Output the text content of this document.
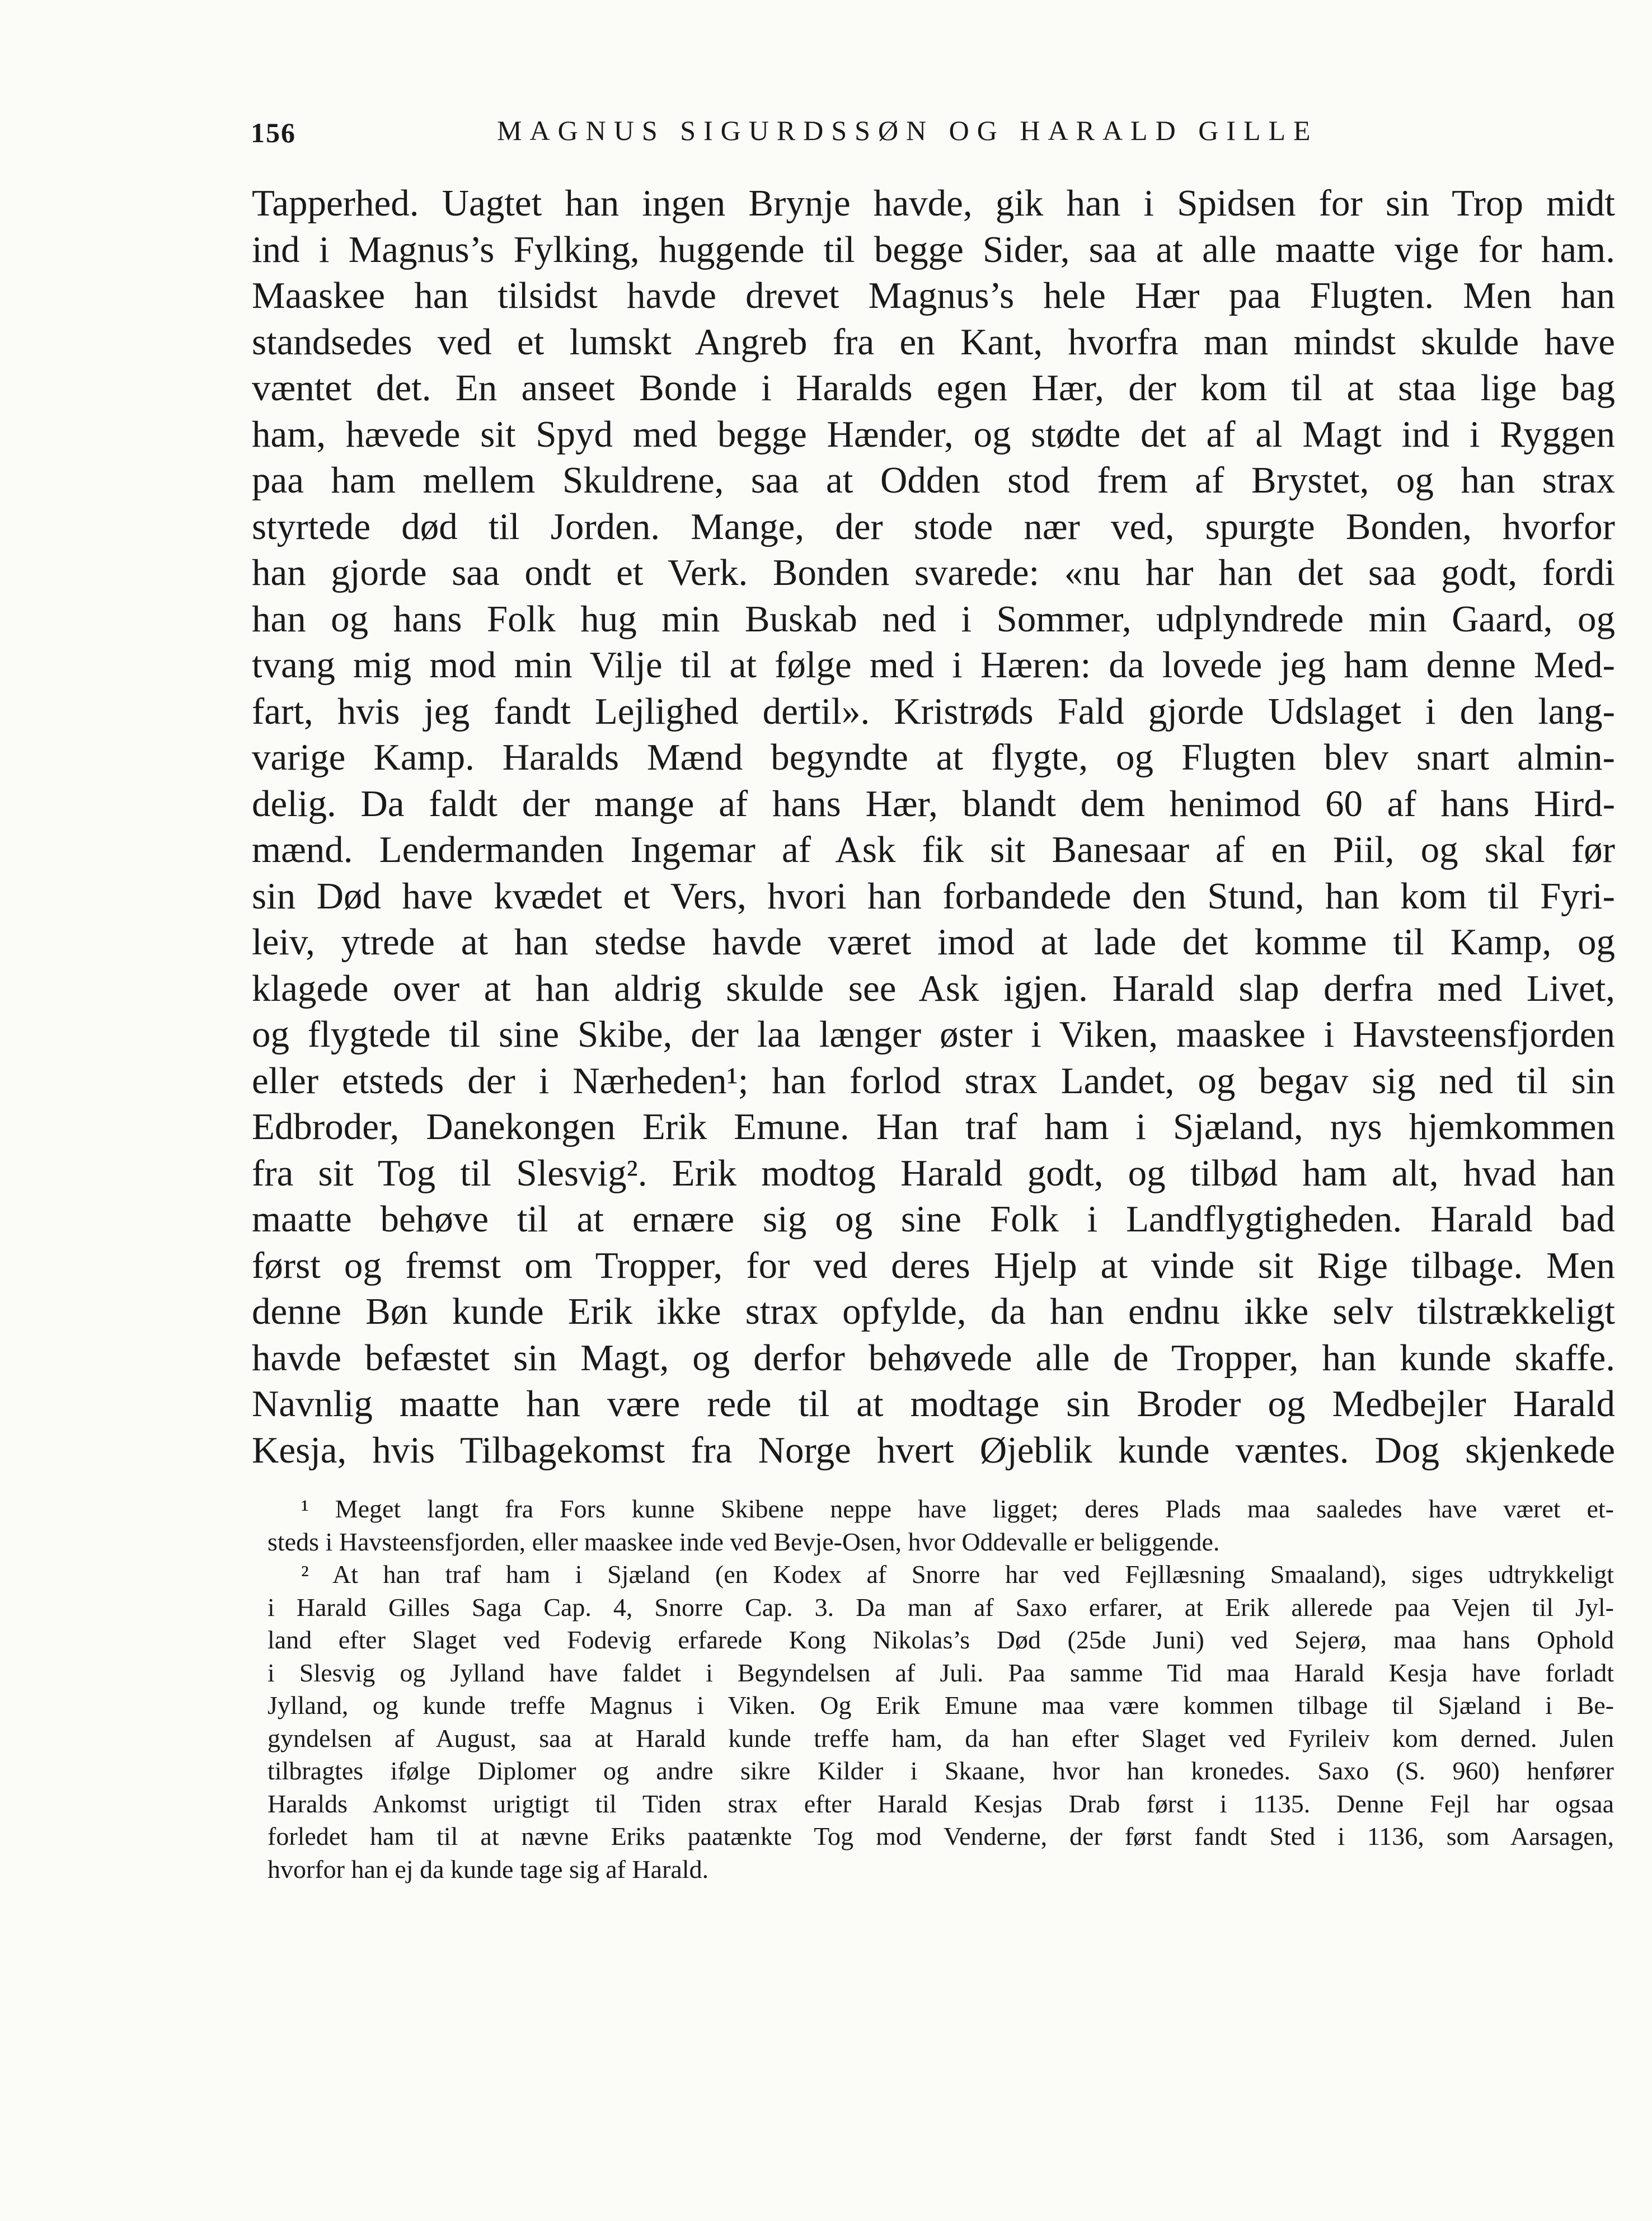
156	MAGNUS SIGURDSSØN OG HARALD GILLE
Tapperhed. Uagtet han ingen Brynje havde, gik han i Spidsen for sin Trop midt
ind i Magnus’s Fylking, huggende til begge Sider, saa at alle maatte vige for ham.
Maaskee han tilsidst havde drevet Magnus’s hele Hær paa Flugten. Men han
standsedes ved et lumskt Angreb fra en Kant, hvorfra man mindst skulde have
væntet det. En anseet Bonde i Haralds egen Hær, der kom til at staa lige bag
ham, hævede sit Spyd med begge Hænder, og stødte det af al Magt ind i Ryggen
paa ham mellem Skuldrene, saa at Odden stod frem af Brystet, og han strax
styrtede død til Jorden. Mange, der stode nær ved, spurgte Bonden, hvorfor
han gjorde saa ondt et Verk. Bonden svarede: «nu har han det saa godt, fordi
han og hans Folk hug min Buskab ned i Sommer, udplyndrede min Gaard, og
tvang mig mod min Vilje til at følge med i Hæren: da lovede jeg ham denne Med-
fart, hvis jeg fandt Lejlighed dertil». Kristrøds Fald gjorde Udslaget i den lang-
varige Kamp. Haralds Mænd begyndte at flygte, og Flugten blev snart almin-
delig. Da faldt der mange af hans Hær, blandt dem henimod 60 af hans Hird-
mænd. Lendermanden Ingemar af Ask fik sit Banesaar af en Piil, og skal før
sin Død have kvædet et Vers, hvori han forbandede den Stund, han kom til Fyri-
leiv, ytrede at han stedse havde været imod at lade det komme til Kamp, og
klagede over at han aldrig skulde see Ask igjen. Harald slap derfra med Livet,
og flygtede til sine Skibe, der laa længer øster i Viken, maaskee i Havsteensfjorden
eller etsteds der i Nærheden¹; han forlod strax Landet, og begav sig ned til sin
Edbroder, Danekongen Erik Emune. Han traf ham i Sjæland, nys hjemkommen
fra sit Tog til Slesvig². Erik modtog Harald godt, og tilbød ham alt, hvad han
maatte behøve til at ernære sig og sine Folk i Landflygtigheden. Harald bad
først og fremst om Tropper, for ved deres Hjelp at vinde sit Rige tilbage. Men
denne Bøn kunde Erik ikke strax opfylde, da han endnu ikke selv tilstrækkeligt
havde befæstet sin Magt, og derfor behøvede alle de Tropper, han kunde skaffe.
Navnlig maatte han være rede til at modtage sin Broder og Medbejler Harald
Kesja, hvis Tilbagekomst fra Norge hvert Øjeblik kunde væntes. Dog skjenkede
¹ Meget langt fra Fors kunne Skibene neppe have ligget; deres Plads maa saaledes have været et-
steds i Havsteensfjorden, eller maaskee inde ved Bevje-Osen, hvor Oddevalle er beliggende.
² At han traf ham i Sjæland (en Kodex af Snorre har ved Fejllæsning Smaaland), siges udtrykkeligt
i Harald Gilles Saga Cap. 4, Snorre Cap. 3. Da man af Saxo erfarer, at Erik allerede paa Vejen til Jyl-
land efter Slaget ved Fodevig erfarede Kong Nikolas’s Død (25de Juni) ved Sejerø, maa hans Ophold
i Slesvig og Jylland have faldet i Begyndelsen af Juli. Paa samme Tid maa Harald Kesja have forladt
Jylland, og kunde treffe Magnus i Viken. Og Erik Emune maa være kommen tilbage til Sjæland i Be-
gyndelsen af August, saa at Harald kunde treffe ham, da han efter Slaget ved Fyrileiv kom derned. Julen
tilbragtes ifølge Diplomer og andre sikre Kilder i Skaane, hvor han kronedes. Saxo (S. 960) henfører
Haralds Ankomst urigtigt til Tiden strax efter Harald Kesjas Drab først i 1135. Denne Fejl har ogsaa
forledet ham til at nævne Eriks paatænkte Tog mod Venderne, der først fandt Sted i 1136, som Aarsagen,
hvorfor han ej da kunde tage sig af Harald.
